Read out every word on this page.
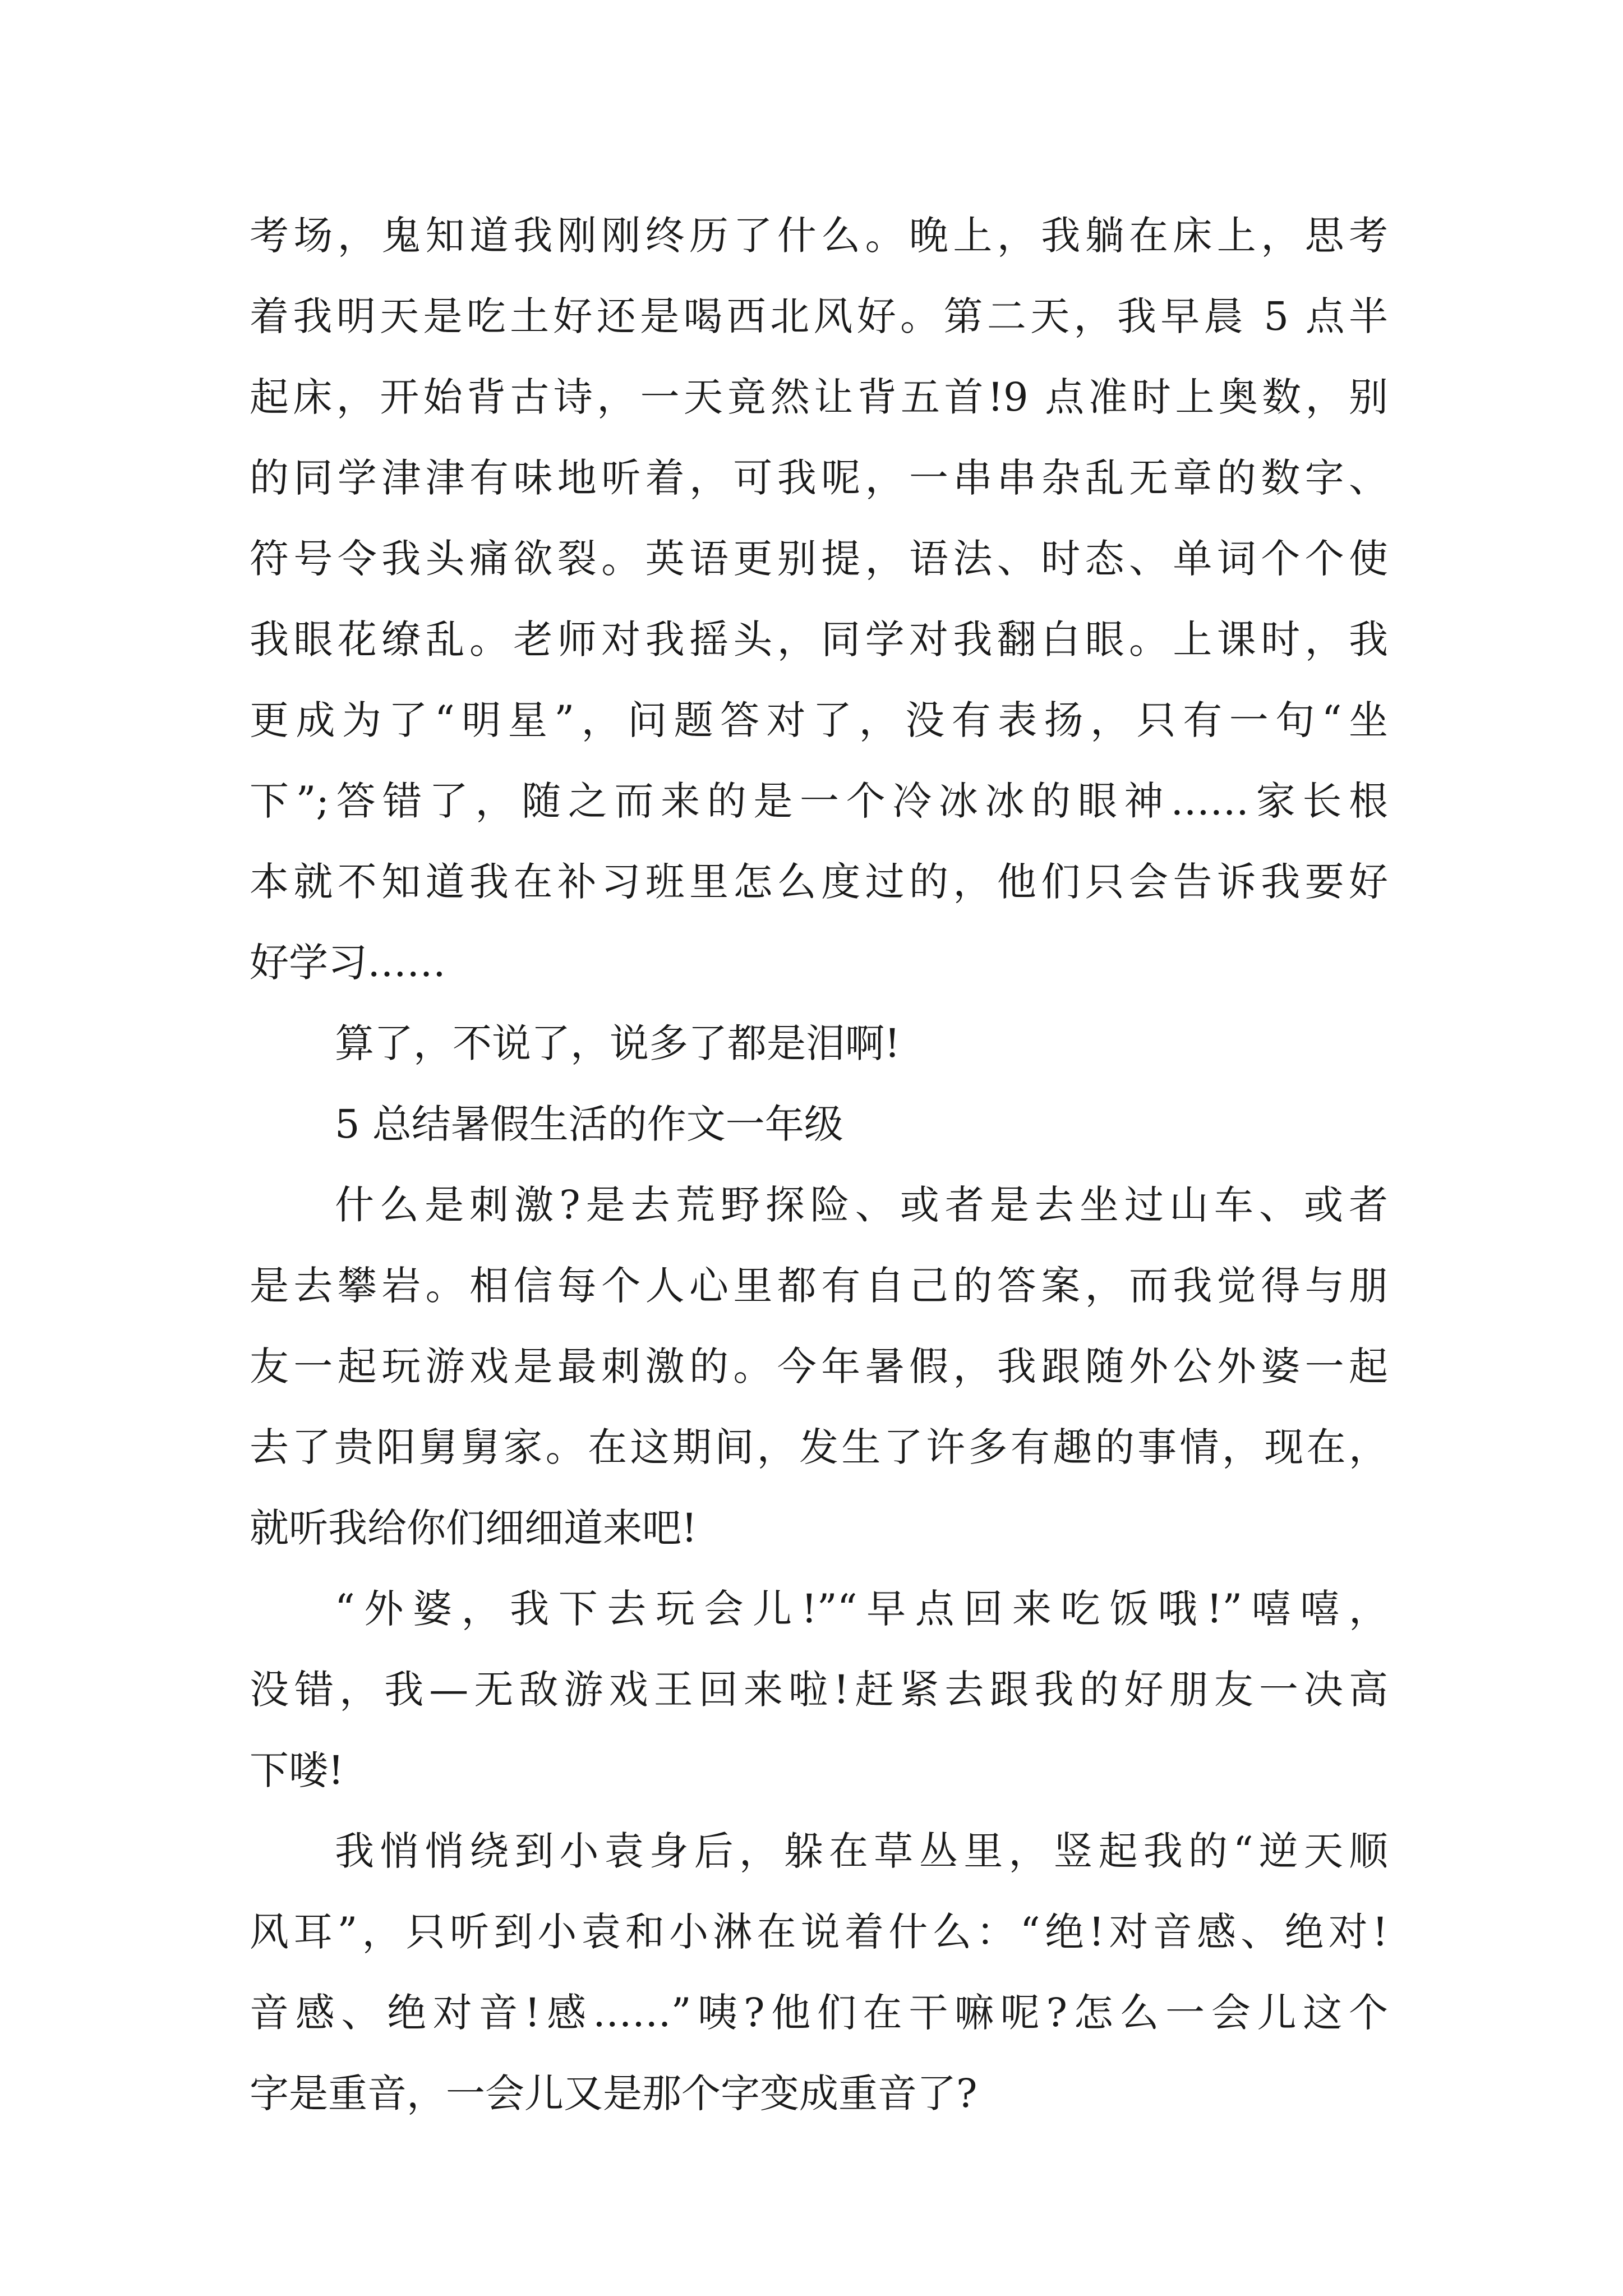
考场，鬼知道我刚刚终历了什么。晚上，我躺在床上，思考
着我明天是吃土好还是喝西北风好。第二天，我早晨 5 点半
起床，开始背古诗，一天竟然让背五首!9 点准时上奥数，别
的同学津津有味地听着，可我呢，一串串杂乱无章的数字、
符号令我头痛欲裂。英语更别提，语法、时态、单词个个使
我眼花缭乱。老师对我摇头，同学对我翻白眼。上课时，我
更成为了“明星”，问题答对了，没有表扬，只有一句“坐
下”;答错了，随之而来的是一个冷冰冰的眼神……家长根
本就不知道我在补习班里怎么度过的，他们只会告诉我要好
好学习……
算了，不说了，说多了都是泪啊!
5 总结暑假生活的作文一年级
什么是刺激?是去荒野探险、或者是去坐过山车、或者
是去攀岩。相信每个人心里都有自己的答案，而我觉得与朋
友一起玩游戏是最刺激的。今年暑假，我跟随外公外婆一起
去了贵阳舅舅家。在这期间，发生了许多有趣的事情，现在，
就听我给你们细细道来吧!
“外婆，我下去玩会儿!”“早点回来吃饭哦!”嘻嘻，
没错，我—无敌游戏王回来啦!赶紧去跟我的好朋友一决高
下喽!
我悄悄绕到小袁身后，躲在草丛里，竖起我的“逆天顺
风耳”，只听到小袁和小淋在说着什么：“绝!对音感、绝对!
音感、绝对音!感……”咦?他们在干嘛呢?怎么一会儿这个
字是重音，一会儿又是那个字变成重音了?
